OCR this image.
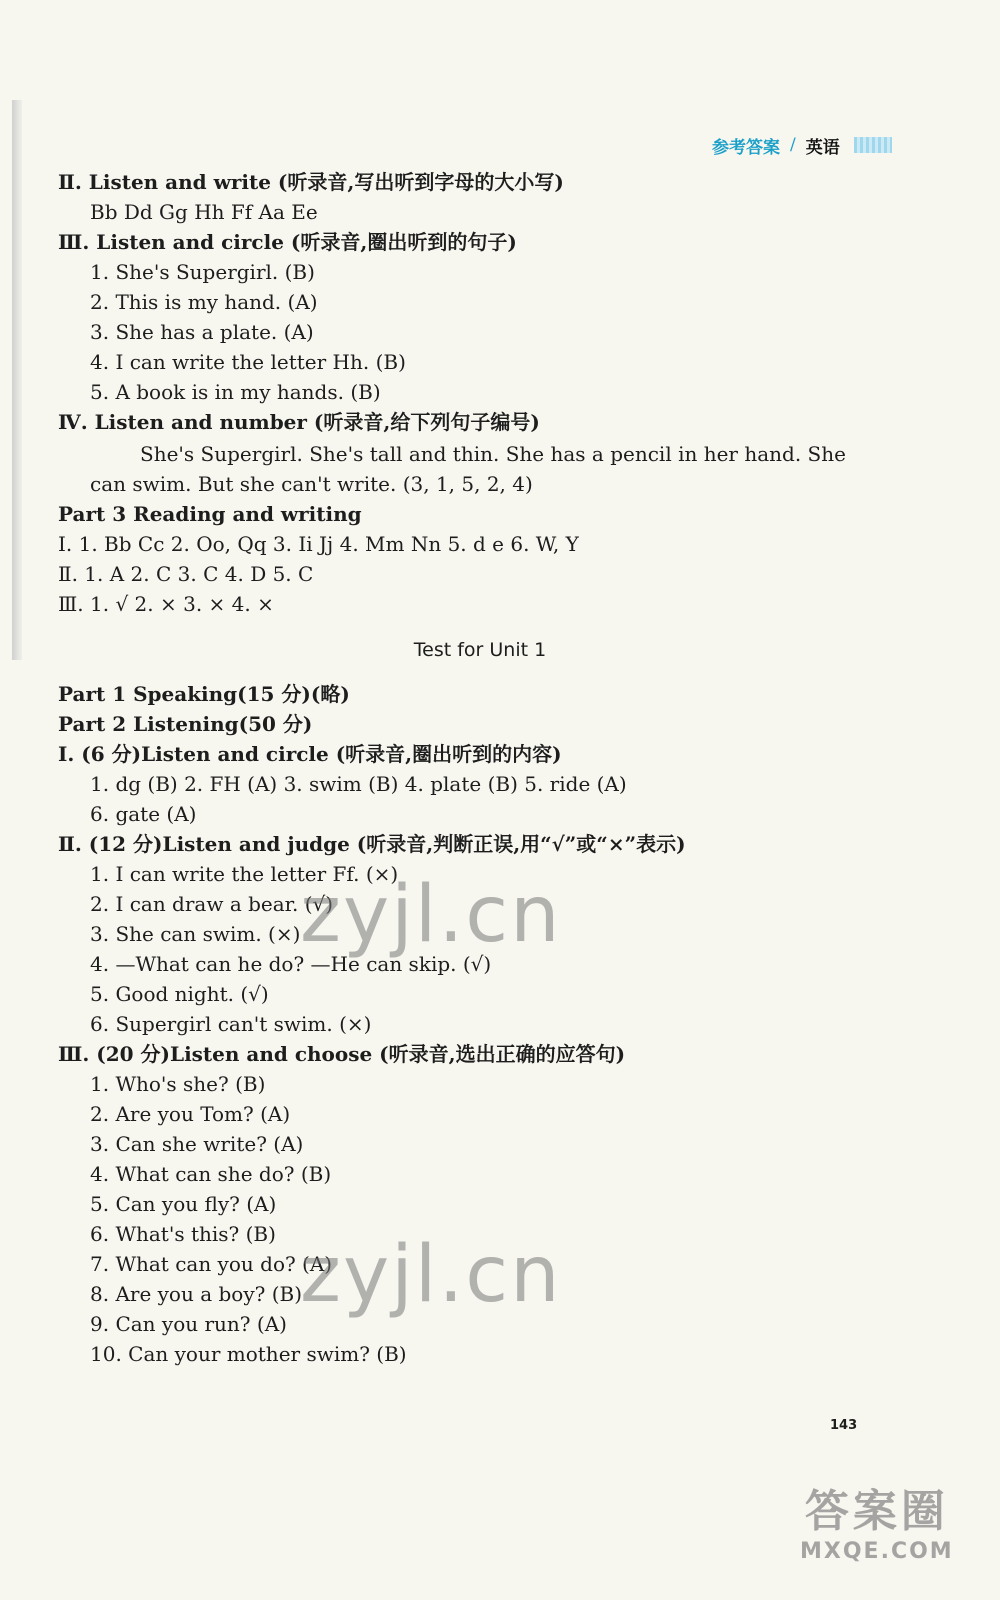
参考答案 / 英语
Ⅱ. Listen and write (听录音,写出听到字母的大小写)
Bb Dd Gg Hh Ff Aa Ee
Ⅲ. Listen and circle (听录音,圈出听到的句子)
1. She's Supergirl. (B)
2. This is my hand. (A)
3. She has a plate. (A)
4. I can write the letter Hh. (B)
5. A book is in my hands. (B)
Ⅳ. Listen and number (听录音,给下列句子编号)
She's Supergirl. She's tall and thin. She has a pencil in her hand. She
can swim. But she can't write. (3, 1, 5, 2, 4)
Part 3 Reading and writing
Ⅰ. 1. Bb Cc 2. Oo, Qq 3. Ii Jj 4. Mm Nn 5. d e 6. W, Y
Ⅱ. 1. A 2. C 3. C 4. D 5. C
Ⅲ. 1. √ 2. × 3. × 4. ×
Part 1 Speaking(15 分)(略)
Part 2 Listening(50 分)
Ⅰ. (6 分)Listen and circle (听录音,圈出听到的内容)
1. dg (B) 2. FH (A) 3. swim (B) 4. plate (B) 5. ride (A)
6. gate (A)
Ⅱ. (12 分)Listen and judge (听录音,判断正误,用“√”或“×”表示)
1. I can write the letter Ff. (×)
2. I can draw a bear. (√)
3. She can swim. (×)
4. —What can he do? —He can skip. (√)
5. Good night. (√)
6. Supergirl can't swim. (×)
Ⅲ. (20 分)Listen and choose (听录音,选出正确的应答句)
1. Who's she? (B)
2. Are you Tom? (A)
3. Can she write? (A)
4. What can she do? (B)
5. Can you fly? (A)
6. What's this? (B)
7. What can you do? (A)
8. Are you a boy? (B)
9. Can you run? (A)
10. Can your mother swim? (B)
Test for Unit 1
zyjl.cn
zyjl.cn
143
答案圈
MXQE.COM
